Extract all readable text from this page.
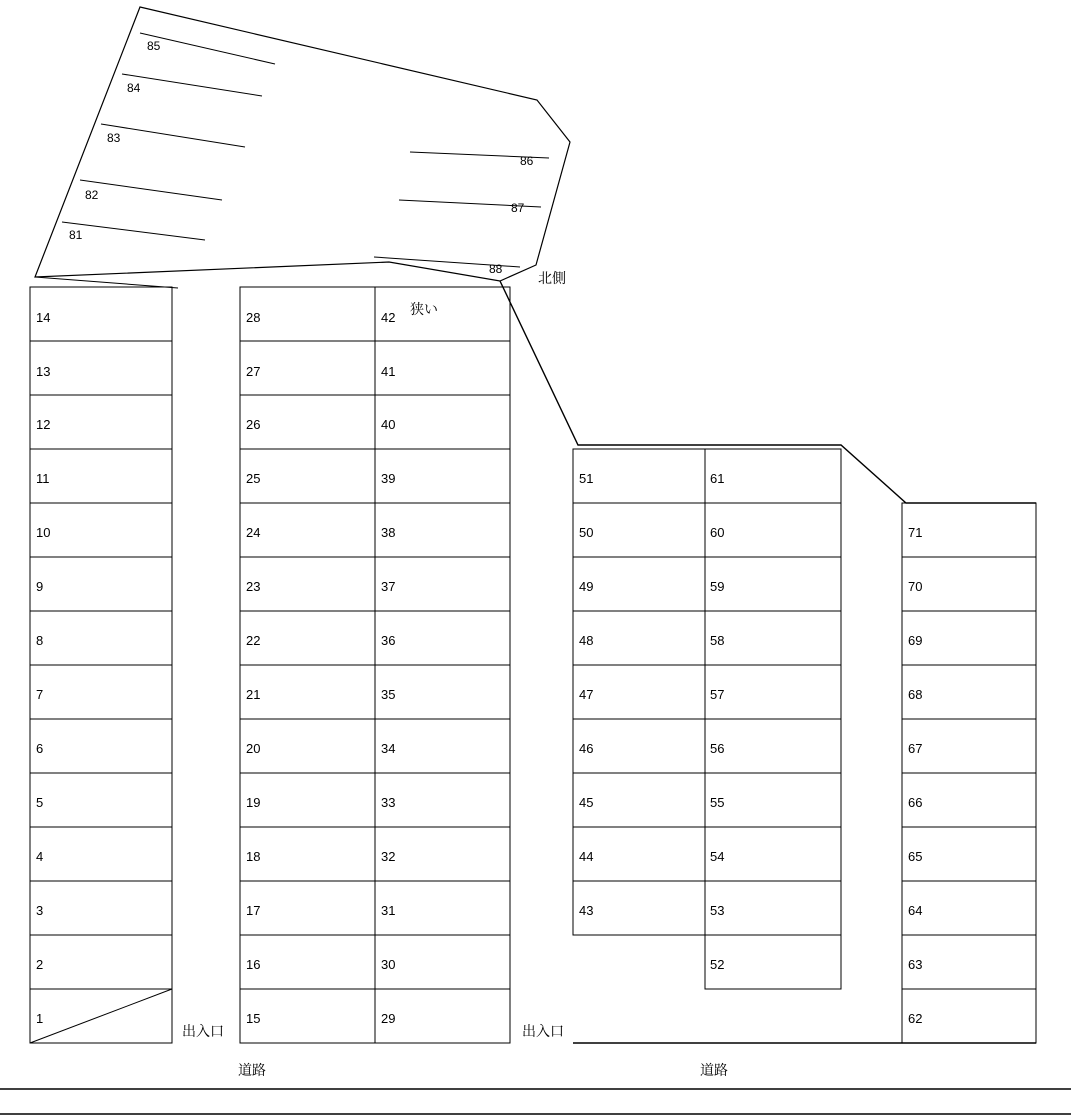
85
84
83
82
81
86
87
88
14
13
12
11
10
9
8
7
6
5
4
3
2
1
28
27
26
25
24
23
22
21
20
19
18
17
16
15
42
41
40
39
38
37
36
35
34
33
32
31
30
29
51
50
49
48
47
46
45
44
43
61
60
59
58
57
56
55
54
53
52
71
70
69
68
67
66
65
64
63
62
北側
狭い
出入口	出入口
道路	道路
